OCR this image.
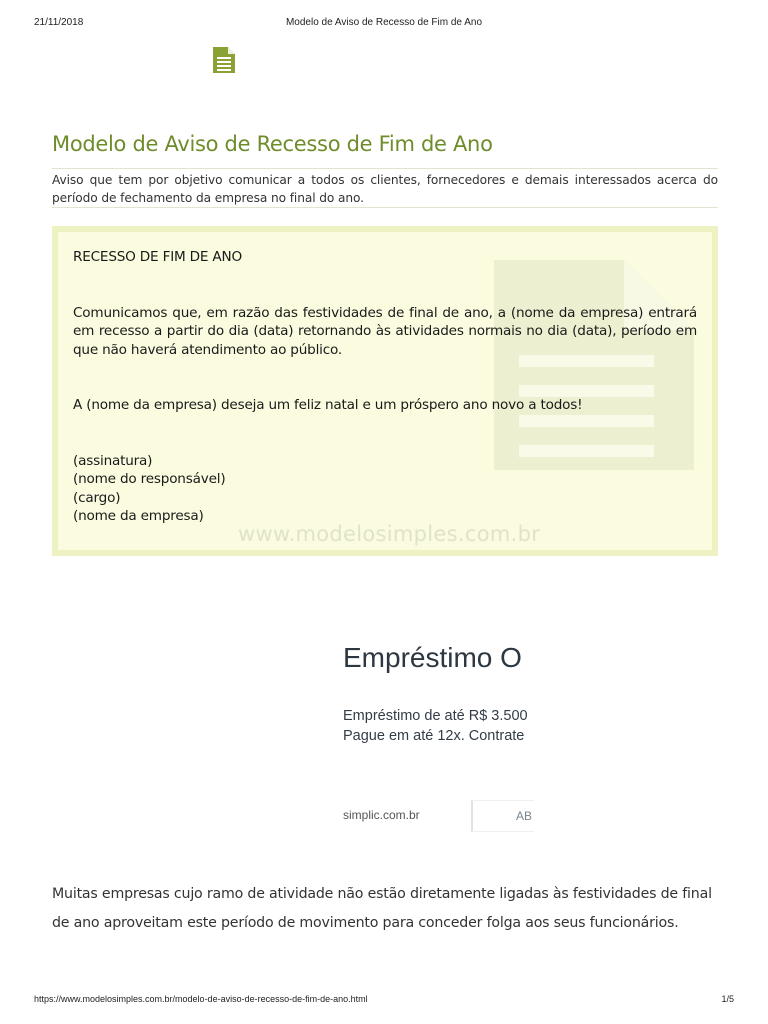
21/11/2018	Modelo de Aviso de Recesso de Fim de Ano
Modelo de Aviso de Recesso de Fim de Ano

Aviso que tem por objetivo comunicar a todos os clientes, fornecedores e demais interessados acerca do período de fechamento da empresa no final do ano.

www.modelosimples.com.br

RECESSO DE FIM DE ANO

Comunicamos que, em razão das festividades de final de ano, a (nome da empresa) entrará em recesso a partir do dia (data) retornando às atividades normais no dia (data), período em que não haverá atendimento ao público.

A (nome da empresa) deseja um feliz natal e um próspero ano novo a todos!

(assinatura)

(nome do responsável)

(cargo)

(nome da empresa)

Empréstimo O
Empréstimo de até R$ 3.500
Pague em até 12x. Contrate
simplic.com.br	AB

Muitas empresas cujo ramo de atividade não estão diretamente ligadas às festividades de final de ano aproveitam este período de movimento para conceder folga aos seus funcionários.

https://www.modelosimples.com.br/modelo-de-aviso-de-recesso-de-fim-de-ano.html	1/5
